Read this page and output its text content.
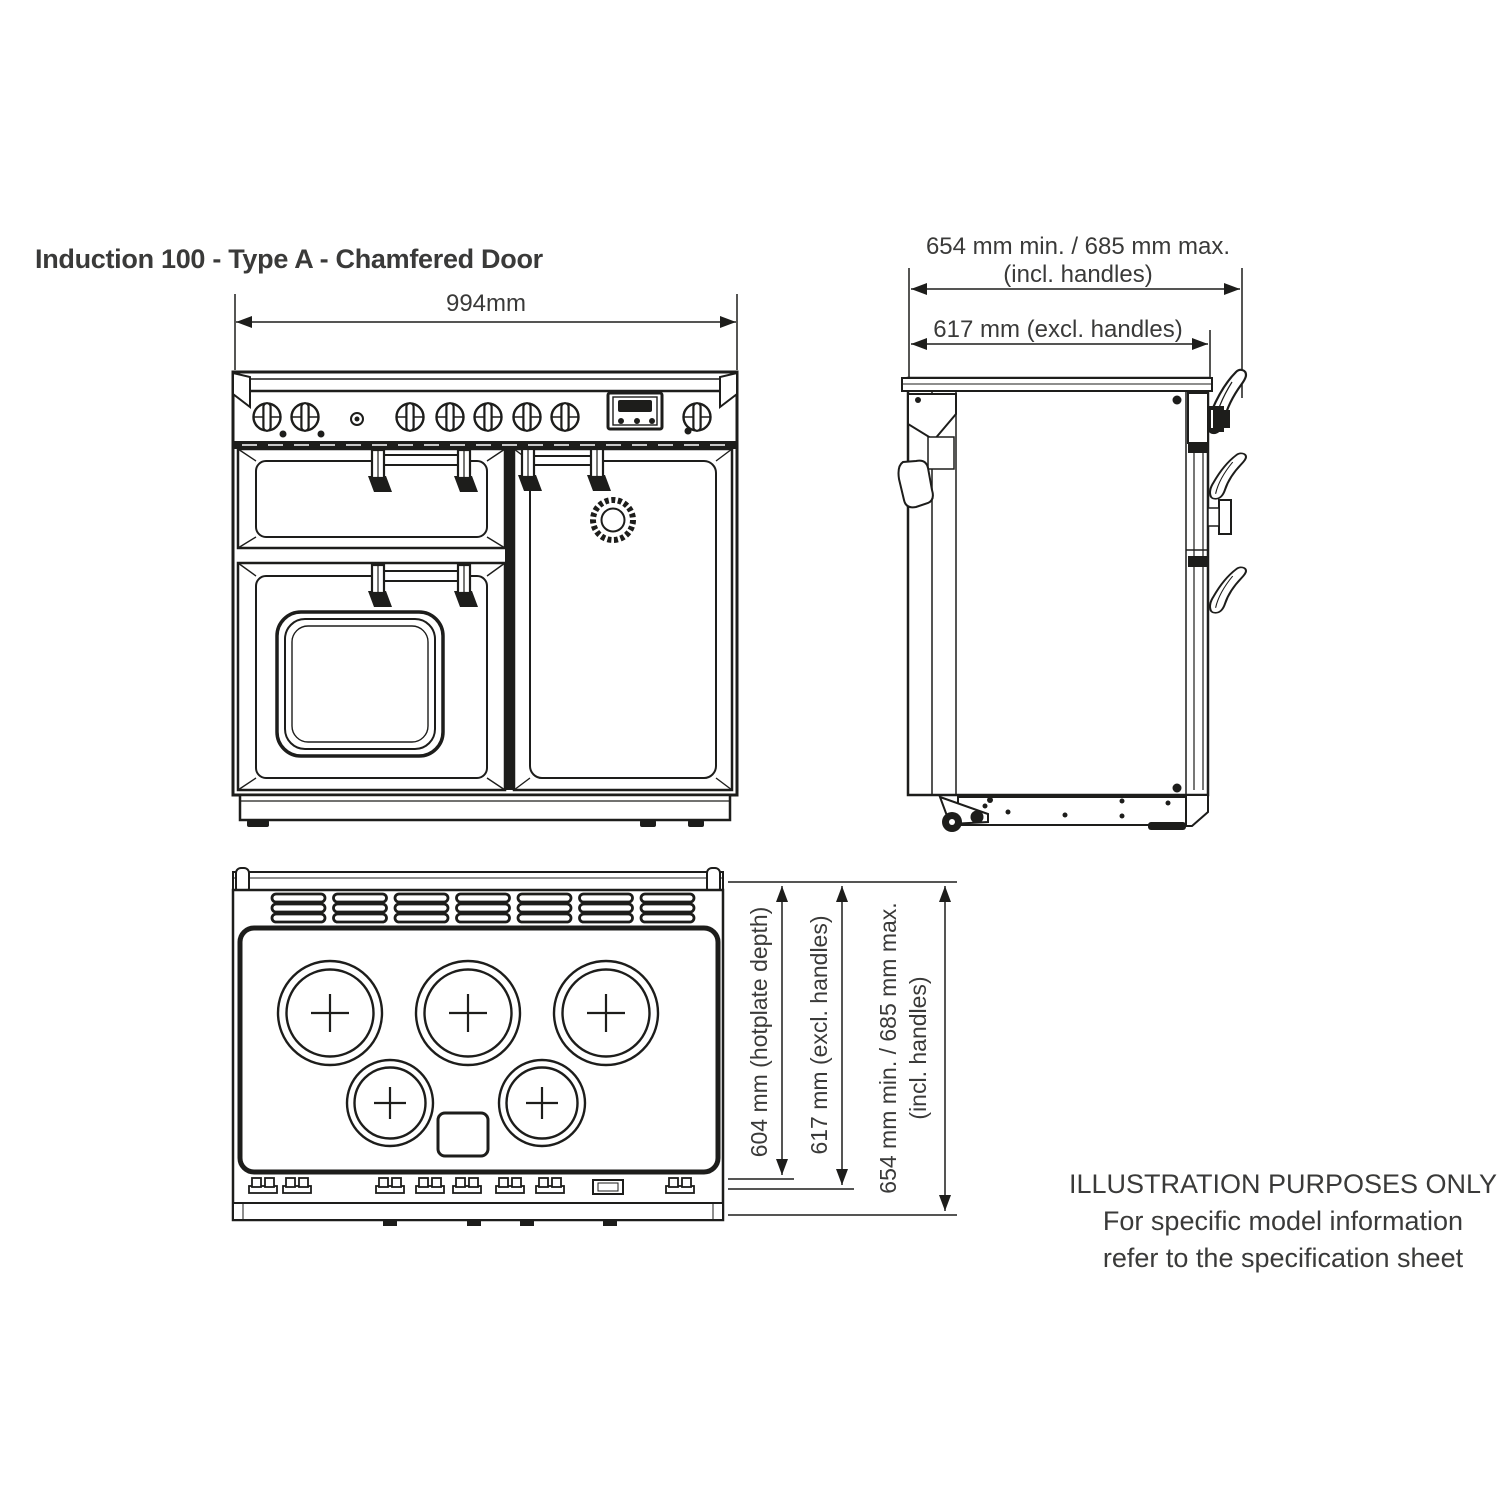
Induction 100 - Type A - Chamfered Door
994mm
654 mm min. / 685 mm max.
(incl. handles)
617 mm (excl. handles)
604 mm (hotplate depth) 617 mm (excl. handles) 654 mm min. / 685 mm max. (incl. handles)
ILLUSTRATION PURPOSES ONLY
For specific model information
refer to the specification sheet
